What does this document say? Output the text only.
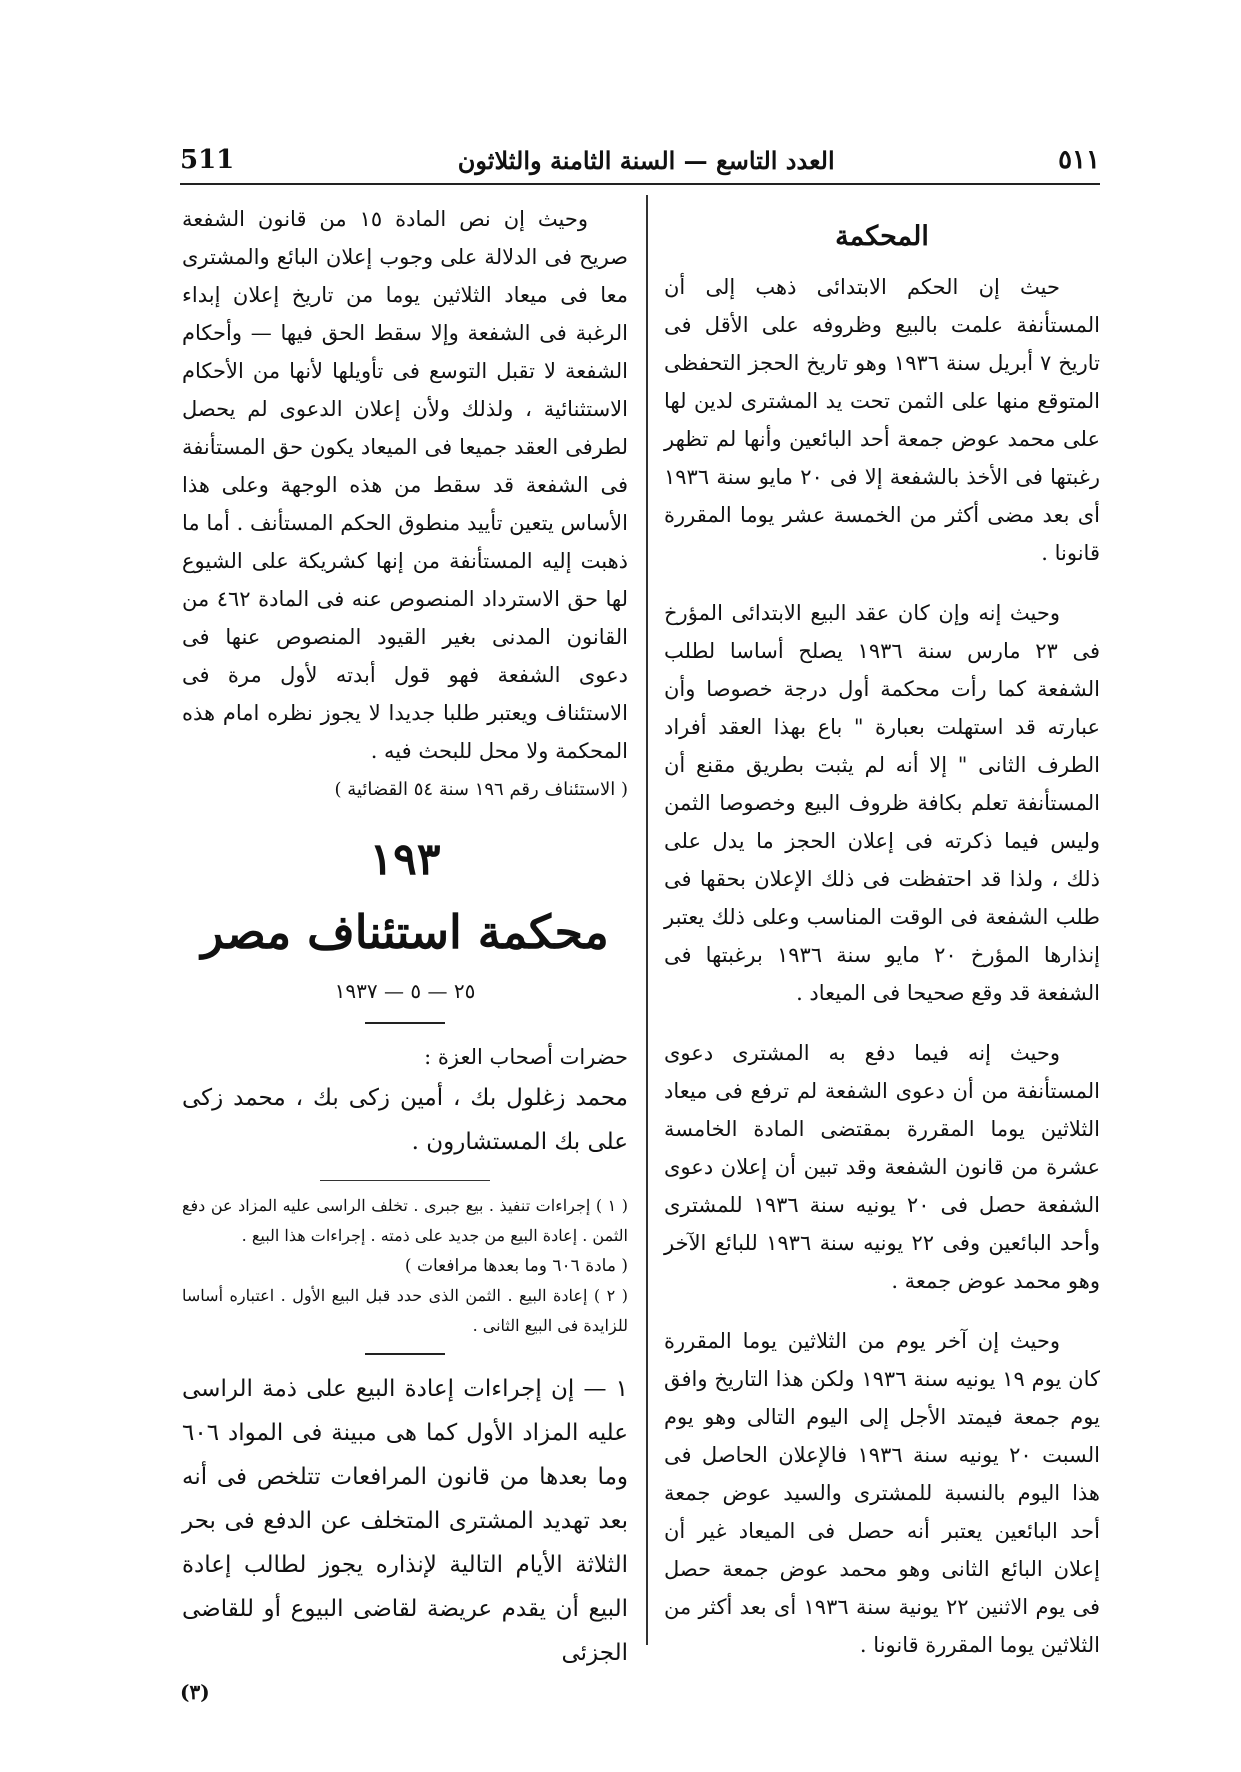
٥١١
العدد التاسع — السنة الثامنة والثلاثون
511
المحكمة

حيث إن الحكم الابتدائى ذهب إلى أن المستأنفة علمت بالبيع وظروفه على الأقل فى تاريخ ٧ أبريل سنة ١٩٣٦ وهو تاريخ الحجز التحفظى المتوقع منها على الثمن تحت يد المشترى لدين لها على محمد عوض جمعة أحد البائعين وأنها لم تظهر رغبتها فى الأخذ بالشفعة إلا فى ٢٠ مايو سنة ١٩٣٦ أى بعد مضى أكثر من الخمسة عشر يوما المقررة قانونا .

وحيث إنه وإن كان عقد البيع الابتدائى المؤرخ فى ٢٣ مارس سنة ١٩٣٦ يصلح أساسا لطلب الشفعة كما رأت محكمة أول درجة خصوصا وأن عبارته قد استهلت بعبارة " باع بهذا العقد أفراد الطرف الثانى " إلا أنه لم يثبت بطريق مقنع أن المستأنفة تعلم بكافة ظروف البيع وخصوصا الثمن وليس فيما ذكرته فى إعلان الحجز ما يدل على ذلك ، ولذا قد احتفظت فى ذلك الإعلان بحقها فى طلب الشفعة فى الوقت المناسب وعلى ذلك يعتبر إنذارها المؤرخ ٢٠ مايو سنة ١٩٣٦ برغبتها فى الشفعة قد وقع صحيحا فى الميعاد .

وحيث إنه فيما دفع به المشترى دعوى المستأنفة من أن دعوى الشفعة لم ترفع فى ميعاد الثلاثين يوما المقررة بمقتضى المادة الخامسة عشرة من قانون الشفعة وقد تبين أن إعلان دعوى الشفعة حصل فى ٢٠ يونيه سنة ١٩٣٦ للمشترى وأحد البائعين وفى ٢٢ يونيه سنة ١٩٣٦ للبائع الآخر وهو محمد عوض جمعة .

وحيث إن آخر يوم من الثلاثين يوما المقررة كان يوم ١٩ يونيه سنة ١٩٣٦ ولكن هذا التاريخ وافق يوم جمعة فيمتد الأجل إلى اليوم التالى وهو يوم السبت ٢٠ يونيه سنة ١٩٣٦ فالإعلان الحاصل فى هذا اليوم بالنسبة للمشترى والسيد عوض جمعة أحد البائعين يعتبر أنه حصل فى الميعاد غير أن إعلان البائع الثانى وهو محمد عوض جمعة حصل فى يوم الاثنين ٢٢ يونية سنة ١٩٣٦ أى بعد أكثر من الثلاثين يوما المقررة قانونا .

وحيث إن نص المادة ١٥ من قانون الشفعة صريح فى الدلالة على وجوب إعلان البائع والمشترى معا فى ميعاد الثلاثين يوما من تاريخ إعلان إبداء الرغبة فى الشفعة وإلا سقط الحق فيها — وأحكام الشفعة لا تقبل التوسع فى تأويلها لأنها من الأحكام الاستثنائية ، ولذلك ولأن إعلان الدعوى لم يحصل لطرفى العقد جميعا فى الميعاد يكون حق المستأنفة فى الشفعة قد سقط من هذه الوجهة وعلى هذا الأساس يتعين تأييد منطوق الحكم المستأنف . أما ما ذهبت إليه المستأنفة من إنها كشريكة على الشيوع لها حق الاسترداد المنصوص عنه فى المادة ٤٦٢ من القانون المدنى بغير القيود المنصوص عنها فى دعوى الشفعة فهو قول أبدته لأول مرة فى الاستئناف ويعتبر طلبا جديدا لا يجوز نظره امام هذه المحكمة ولا محل للبحث فيه .

( الاستئناف رقم ١٩٦ سنة ٥٤ القضائية )

١٩٣
محكمة استئناف مصر
٢٥ — ٥ — ١٩٣٧

حضرات أصحاب العزة :

محمد زغلول بك ، أمين زكى بك ، محمد زكى على بك المستشارون .

( ١ ) إجراءات تنفيذ . بيع جبرى . تخلف الراسى عليه المزاد عن دفع الثمن . إعادة البيع من جديد على ذمته . إجراءات هذا البيع .

( مادة ٦٠٦ وما بعدها مرافعات )

( ٢ ) إعادة البيع . الثمن الذى حدد قبل البيع الأول . اعتباره أساسا للزايدة فى البيع الثانى .

١ — إن إجراءات إعادة البيع على ذمة الراسى عليه المزاد الأول كما هى مبينة فى المواد ٦٠٦ وما بعدها من قانون المرافعات تتلخص فى أنه بعد تهديد المشترى المتخلف عن الدفع فى بحر الثلاثة الأيام التالية لإنذاره يجوز لطالب إعادة البيع أن يقدم عريضة لقاضى البيوع أو للقاضى الجزئى

(٣)
